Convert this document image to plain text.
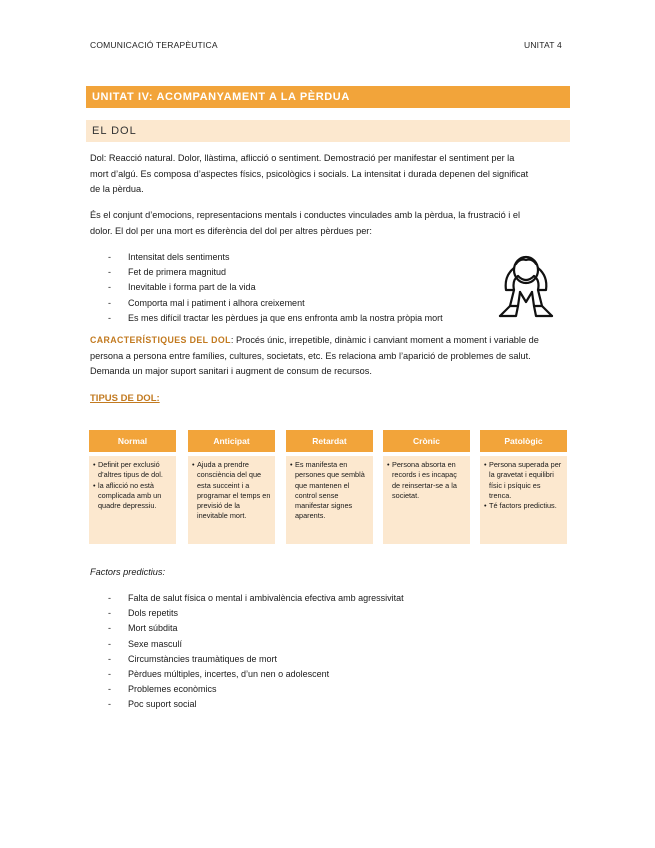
COMUNICACIÓ TERAPÈUTICA	UNITAT 4
UNITAT IV: ACOMPANYAMENT A LA PÈRDUA
EL DOL
Dol: Reacció natural. Dolor, llàstima, aflicció o sentiment. Demostració per manifestar el sentiment per la
mort d’algú. Es composa d’aspectes físics, psicològics i socials. La intensitat i durada depenen del significat
de la pèrdua.
És el conjunt d’emocions, representacions mentals i conductes vinculades amb la pèrdua, la frustració i el
dolor. El dol per una mort es diferència del dol per altres pèrdues per:
- Intensitat dels sentiments
- Fet de primera magnitud
- Inevitable i forma part de la vida
- Comporta mal i patiment i alhora creixement
- Es mes difícil tractar les pèrdues ja que ens enfronta amb la nostra pròpia mort
CARACTERÍSTIQUES DEL DOL: Procés únic, irrepetible, dinàmic i canviant moment a moment i variable de
persona a persona entre famílies, cultures, societats, etc. Es relaciona amb l’aparició de problemes de salut.
Demanda un major suport sanitari i augment de consum de recursos.
TIPUS DE DOL:
Normal
• Definit per exclusió d’altres tipus de dol.
• la aflicció no està complicada amb un quadre depressiu.
Anticipat
• Ajuda a prendre consciència del que esta succeint i a programar el temps en previsió de la inevitable mort.
Retardat
• Es manifesta en persones que semblà que mantenen el control sense manifestar signes aparents.
Crònic
• Persona absorta en records i es incapaç de reinsertar-se a la societat.
Patològic
• Persona superada per la gravetat i equilibri físic i psíquic es trenca.
• Té factors predictius.
Factors predictius:
- Falta de salut física o mental i ambivalència efectiva amb agressivitat
- Dols repetits
- Mort súbdita
- Sexe masculí
- Circumstàncies traumàtiques de mort
- Pèrdues múltiples, incertes, d’un nen o adolescent
- Problemes econòmics
- Poc suport social
